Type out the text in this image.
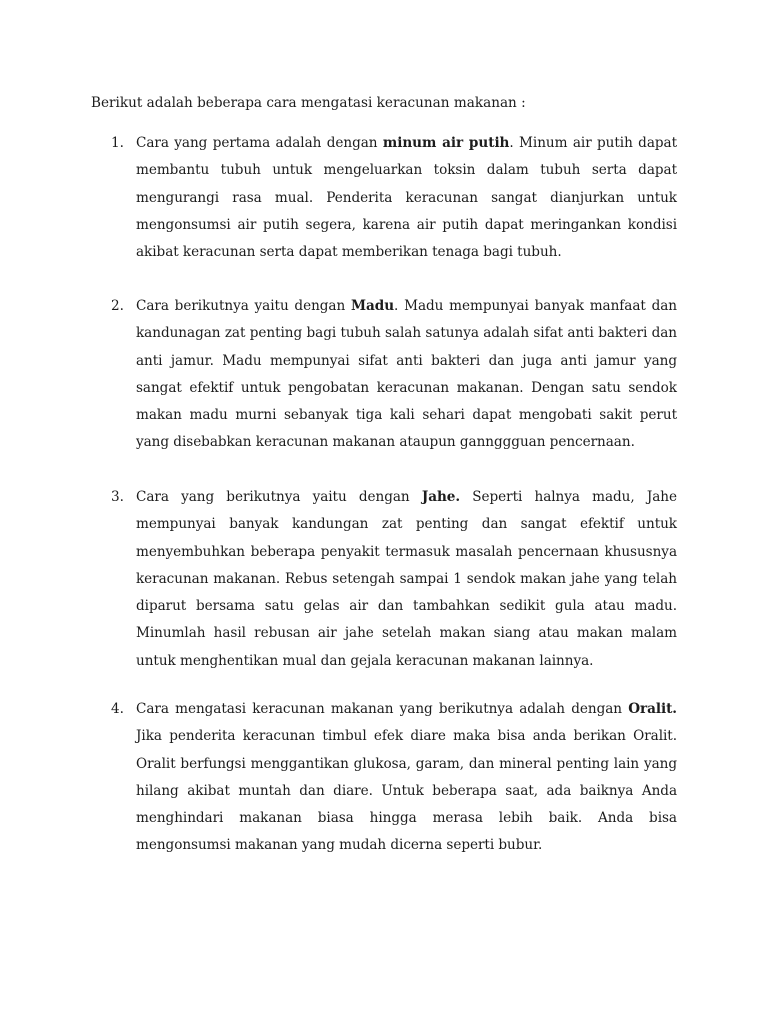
Berikut adalah beberapa cara mengatasi keracunan makanan :

1. Cara yang pertama adalah dengan minum air putih. Minum air putih dapat membantu tubuh untuk mengeluarkan toksin dalam tubuh serta dapat mengurangi rasa mual. Penderita keracunan sangat dianjurkan untuk mengonsumsi air putih segera, karena air putih dapat meringankan kondisi akibat keracunan serta dapat memberikan tenaga bagi tubuh.

2. Cara berikutnya yaitu dengan Madu. Madu mempunyai banyak manfaat dan kandunagan zat penting bagi tubuh salah satunya adalah sifat anti bakteri dan anti jamur. Madu mempunyai sifat anti bakteri dan juga anti jamur yang sangat efektif untuk pengobatan keracunan makanan. Dengan satu sendok makan madu murni sebanyak tiga kali sehari dapat mengobati sakit perut yang disebabkan keracunan makanan ataupun gannggguan pencernaan.

3. Cara yang berikutnya yaitu dengan Jahe. Seperti halnya madu, Jahe mempunyai banyak kandungan zat penting dan sangat efektif untuk menyembuhkan beberapa penyakit termasuk masalah pencernaan khususnya keracunan makanan. Rebus setengah sampai 1 sendok makan jahe yang telah diparut bersama satu gelas air dan tambahkan sedikit gula atau madu. Minumlah hasil rebusan air jahe setelah makan siang atau makan malam untuk menghentikan mual dan gejala keracunan makanan lainnya.

4. Cara mengatasi keracunan makanan yang berikutnya adalah dengan Oralit. Jika penderita keracunan timbul efek diare maka bisa anda berikan Oralit. Oralit berfungsi menggantikan glukosa, garam, dan mineral penting lain yang hilang akibat muntah dan diare. Untuk beberapa saat, ada baiknya Anda menghindari makanan biasa hingga merasa lebih baik. Anda bisa mengonsumsi makanan yang mudah dicerna seperti bubur.
